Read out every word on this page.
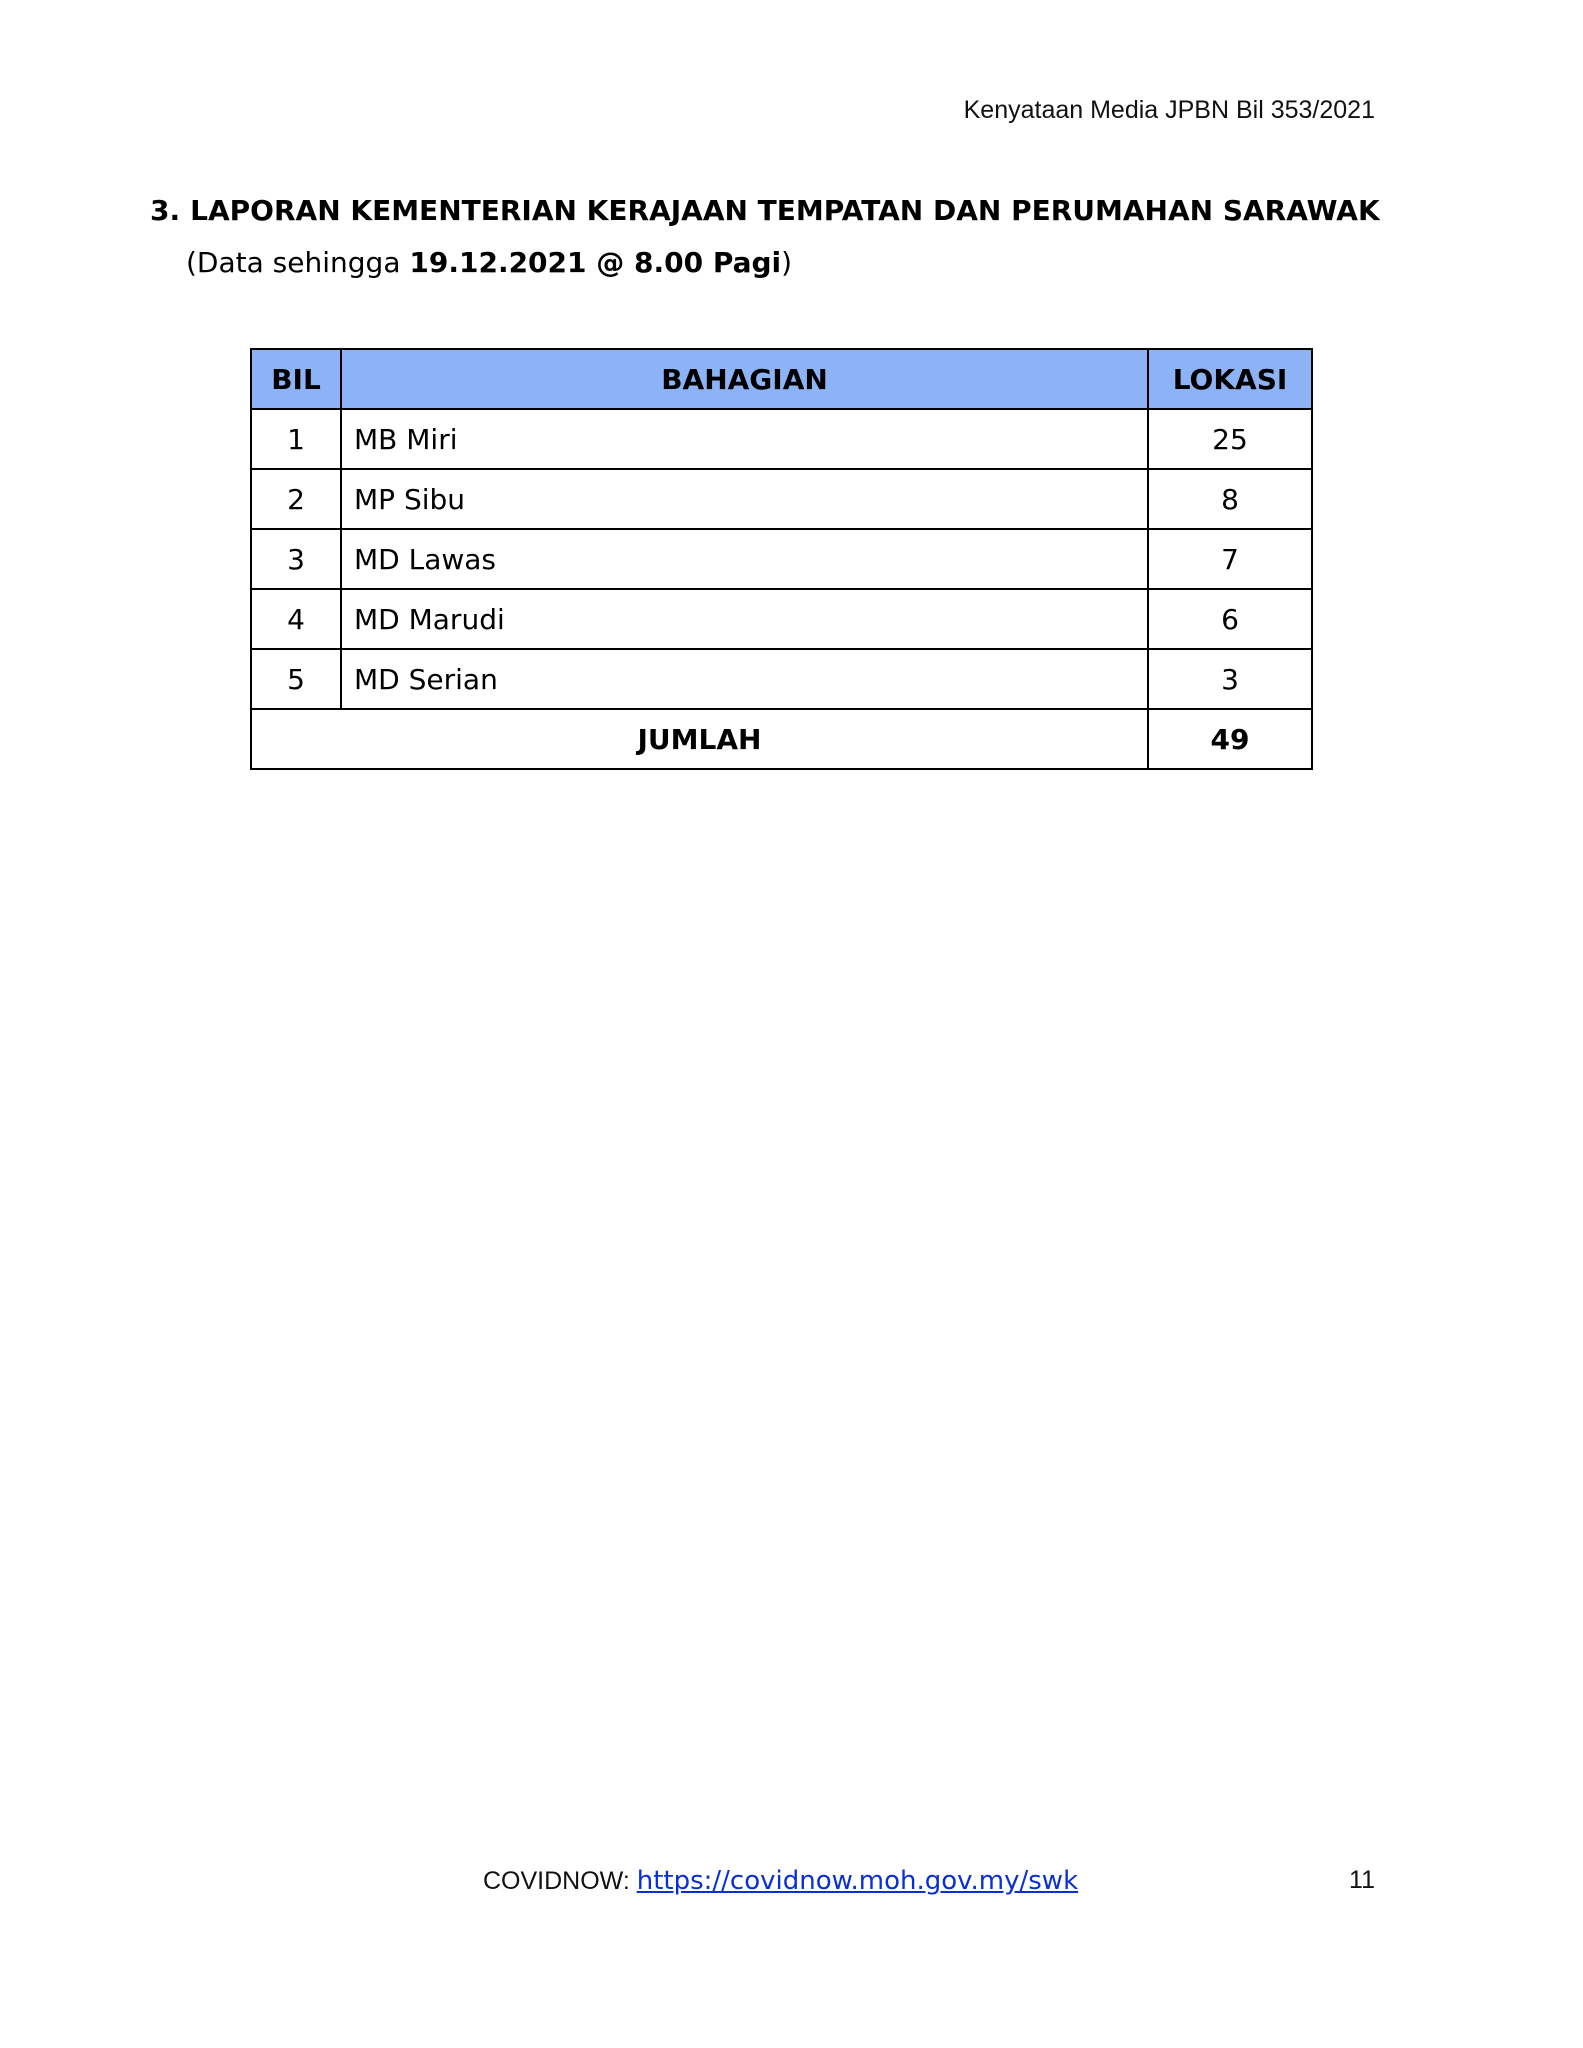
Kenyataan Media JPBN Bil 353/2021
3. LAPORAN KEMENTERIAN KERAJAAN TEMPATAN DAN PERUMAHAN SARAWAK
(Data sehingga 19.12.2021 @ 8.00 Pagi)
BIL	BAHAGIAN	LOKASI
1	MB Miri	25
2	MP Sibu	8
3	MD Lawas	7
4	MD Marudi	6
5	MD Serian	3
JUMLAH		49
COVIDNOW: https://covidnow.moh.gov.my/swk	11
